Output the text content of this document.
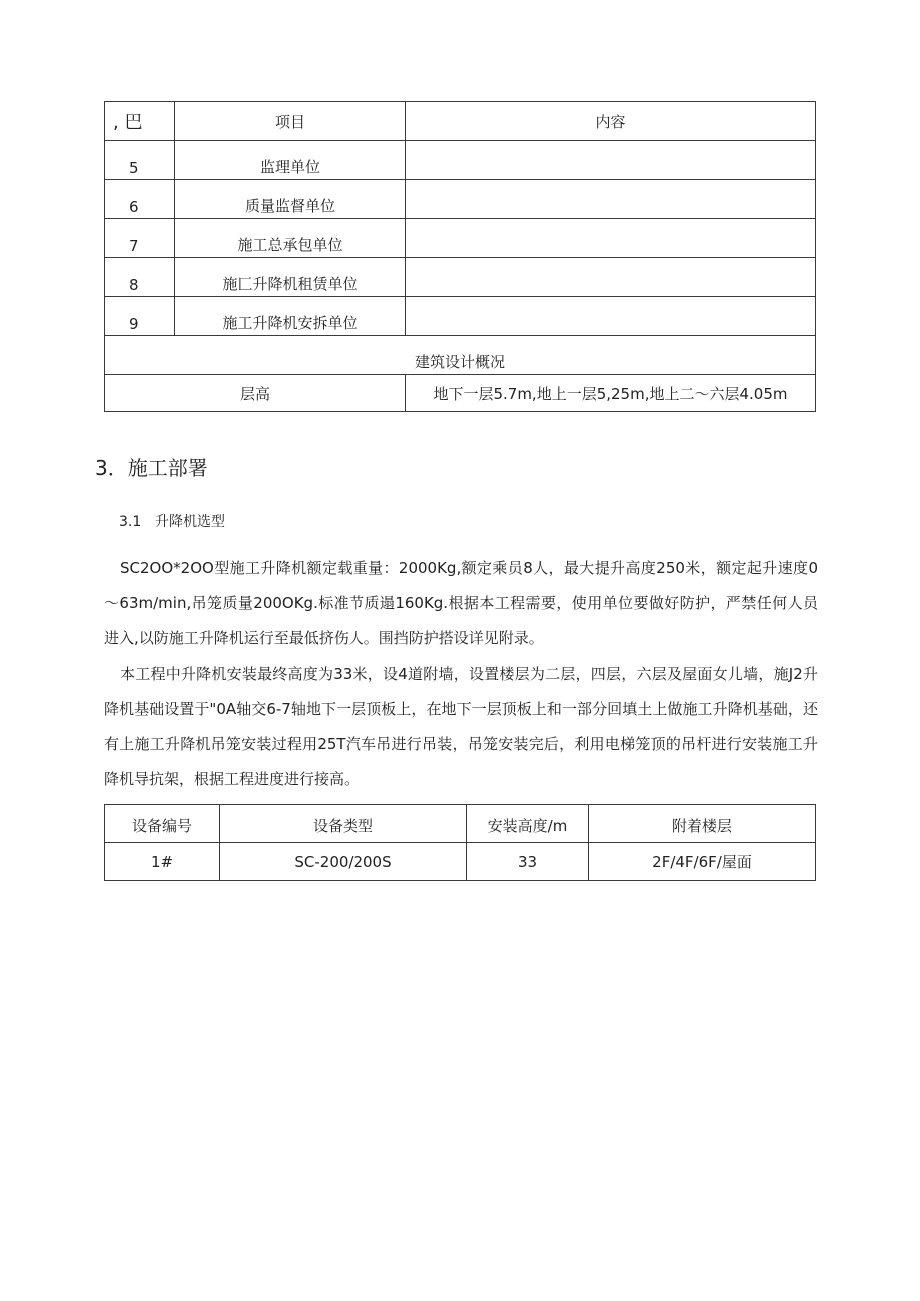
, 巴	项目	内容
5	监理单位	
6	质量监督单位	
7	施工总承包单位	
8	施匚升降机租赁单位	
9	施工升降机安拆单位	
建筑设计概况		
层高		地下一层5.7m,地上一层5,25m,地上二～六层4.05m
3．施工部署
3.1 升降机选型

SC2OO*2OO型施工升降机额定载重量：2000Kg,额定乘员8人，最大提升高度250米，额定起升速度0～63m∕min,吊笼质量200OKg.标准节质遢160Kg.根据本工程需要，使用单位要做好防护，严禁任何人员进入,以防施工升降机运行至最低挤伤人。围挡防护搭设详见附录。

本工程中升降机安装最终高度为33米，设4道附墙，设置楼层为二层，四层，六层及屋面女儿墙，施J2升降机基础设置于"0A轴交6-7轴地下一层顶板上，在地下一层顶板上和一部分回填土上做施工升降机基础，还有上施工升降机吊笼安装过程用25T汽车吊进行吊装，吊笼安装完后，利用电梯笼顶的吊杆进行安装施工升降机导抗架，根据工程进度进行接高。

设备编号	设备类型	安装高度/m	附着楼层
1#	SC-200/200S	33	2F/4F/6F/屋面
